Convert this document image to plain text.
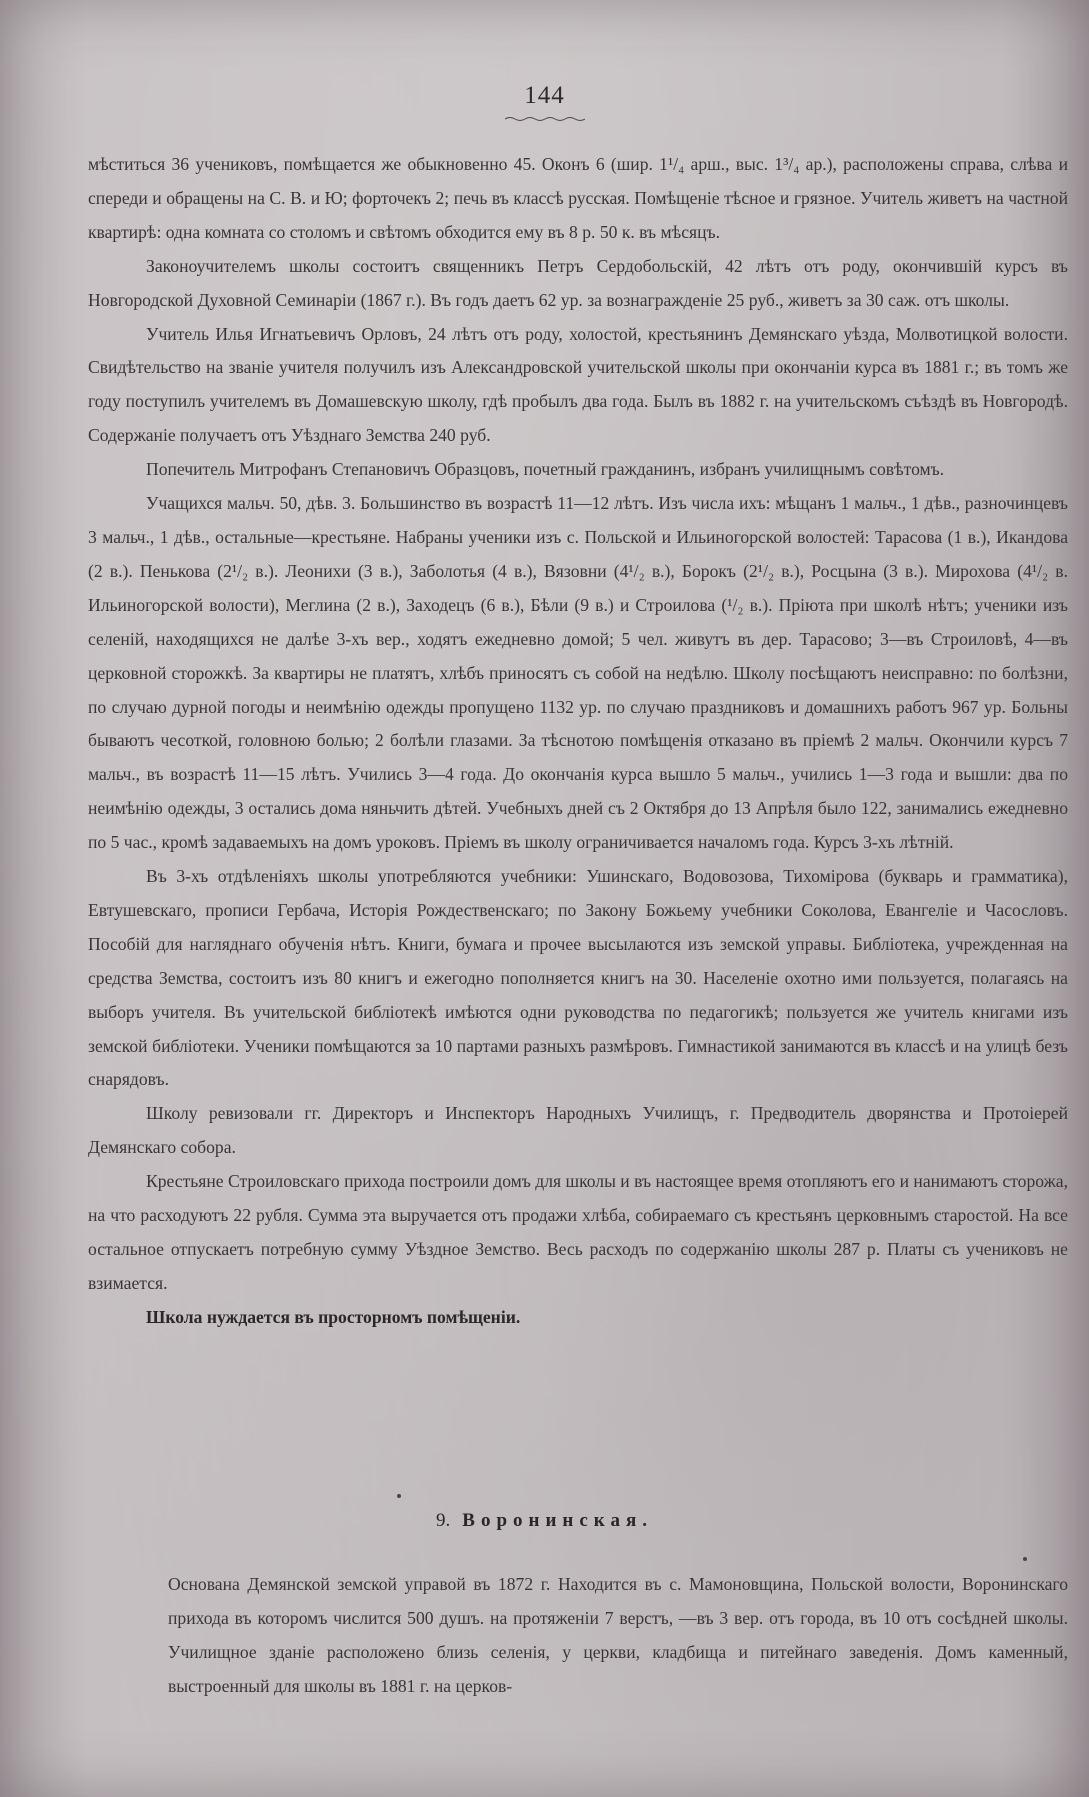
144

мѣститься 36 учениковъ, помѣщается же обыкновенно 45. Оконъ 6 (шир. 1¹/₄ арш., выс. 1³/₄ ар.), расположены справа, слѣва и спереди и обращены на С. В. и Ю; форточекъ 2; печь въ классѣ русская. Помѣщеніе тѣсное и грязное. Учитель живетъ на частной квартирѣ: одна комната со столомъ и свѣтомъ обходится ему въ 8 р. 50 к. въ мѣсяцъ.

Законоучителемъ школы состоитъ священникъ Петръ Сердобольскій, 42 лѣтъ отъ роду, окончившій курсъ въ Новгородской Духовной Семинаріи (1867 г.). Въ годъ даетъ 62 ур. за вознагражденіе 25 руб., живетъ за 30 саж. отъ школы.

Учитель Илья Игнатьевичъ Орловъ, 24 лѣтъ отъ роду, холостой, крестьянинъ Демянскаго уѣзда, Молвотицкой волости. Свидѣтельство на званіе учителя получилъ изъ Александровской учительской школы при окончаніи курса въ 1881 г.; въ томъ же году поступилъ учителемъ въ Домашевскую школу, гдѣ пробылъ два года. Былъ въ 1882 г. на учительскомъ съѣздѣ въ Новгородѣ. Содержаніе получаетъ отъ Уѣзднаго Земства 240 руб.

Попечитель Митрофанъ Степановичъ Образцовъ, почетный гражданинъ, избранъ училищнымъ совѣтомъ.

Учащихся мальч. 50, дѣв. 3. Большинство въ возрастѣ 11—12 лѣтъ. Изъ числа ихъ: мѣщанъ 1 мальч., 1 дѣв., разночинцевъ 3 мальч., 1 дѣв., остальные—крестьяне. Набраны ученики изъ с. Польской и Ильиногорской волостей: Тарасова (1 в.), Икандова (2 в.). Пенькова (2¹/₂ в.). Леонихи (3 в.), Заболотья (4 в.), Вязовни (4¹/₂ в.), Борокъ (2¹/₂ в.), Росцына (3 в.). Мирохова (4¹/₂ в. Ильиногорской волости), Меглина (2 в.), Заходецъ (6 в.), Бѣли (9 в.) и Строилова (¹/₂ в.). Пріюта при школѣ нѣтъ; ученики изъ селеній, находящихся не далѣе 3-хъ вер., ходятъ ежедневно домой; 5 чел. живутъ въ дер. Тарасово; 3—въ Строиловѣ, 4—въ церковной сторожкѣ. За квартиры не платятъ, хлѣбъ приносятъ съ собой на недѣлю. Школу посѣщаютъ неисправно: по болѣзни, по случаю дурной погоды и неимѣнію одежды пропущено 1132 ур. по случаю праздниковъ и домашнихъ работъ 967 ур. Больны бываютъ чесоткой, головною болью; 2 болѣли глазами. За тѣснотою помѣщенія отказано въ пріемѣ 2 мальч. Окончили курсъ 7 мальч., въ возрастѣ 11—15 лѣтъ. Учились 3—4 года. До окончанія курса вышло 5 мальч., учились 1—3 года и вышли: два по неимѣнію одежды, 3 остались дома няньчить дѣтей. Учебныхъ дней съ 2 Октября до 13 Апрѣля было 122, занимались ежедневно по 5 час., кромѣ задаваемыхъ на домъ уроковъ. Пріемъ въ школу ограничивается началомъ года. Курсъ 3-хъ лѣтній.

Въ 3-хъ отдѣленіяхъ школы употребляются учебники: Ушинскаго, Водовозова, Тихомірова (букварь и грамматика), Евтушевскаго, прописи Гербача, Исторія Рождественскаго; по Закону Божьему учебники Соколова, Евангеліе и Часословъ. Пособій для нагляднаго обученія нѣтъ. Книги, бумага и прочее высылаются изъ земской управы. Библіотека, учрежденная на средства Земства, состоитъ изъ 80 книгъ и ежегодно пополняется книгъ на 30. Населеніе охотно ими пользуется, полагаясь на выборъ учителя. Въ учительской библіотекѣ имѣются одни руководства по педагогикѣ; пользуется же учитель книгами изъ земской библіотеки. Ученики помѣщаются за 10 партами разныхъ размѣровъ. Гимнастикой занимаются въ классѣ и на улицѣ безъ снарядовъ.

Школу ревизовали гг. Директоръ и Инспекторъ Народныхъ Училищъ, г. Предводитель дворянства и Протоіерей Демянскаго собора.

Крестьяне Строиловскаго прихода построили домъ для школы и въ настоящее время отопляютъ его и нанимаютъ сторожа, на что расходуютъ 22 рубля. Сумма эта выручается отъ продажи хлѣба, собираемаго съ крестьянъ церковнымъ старостой. На все остальное отпускаетъ потребную сумму Уѣздное Земство. Весь расходъ по содержанію школы 287 р. Платы съ учениковъ не взимается.

Школа нуждается въ просторномъ помѣщеніи.

9. Воронинская.

Основана Демянской земской управой въ 1872 г. Находится въ с. Мамоновщина, Польской волости, Воронинскаго прихода въ которомъ числится 500 душъ. на протяженіи 7 верстъ, —въ 3 вер. отъ города, въ 10 отъ сосѣдней школы. Училищное зданіе расположено близь селенія, у церкви, кладбища и питейнаго заведенія. Домъ каменный, выстроенный для школы въ 1881 г. на церков-
